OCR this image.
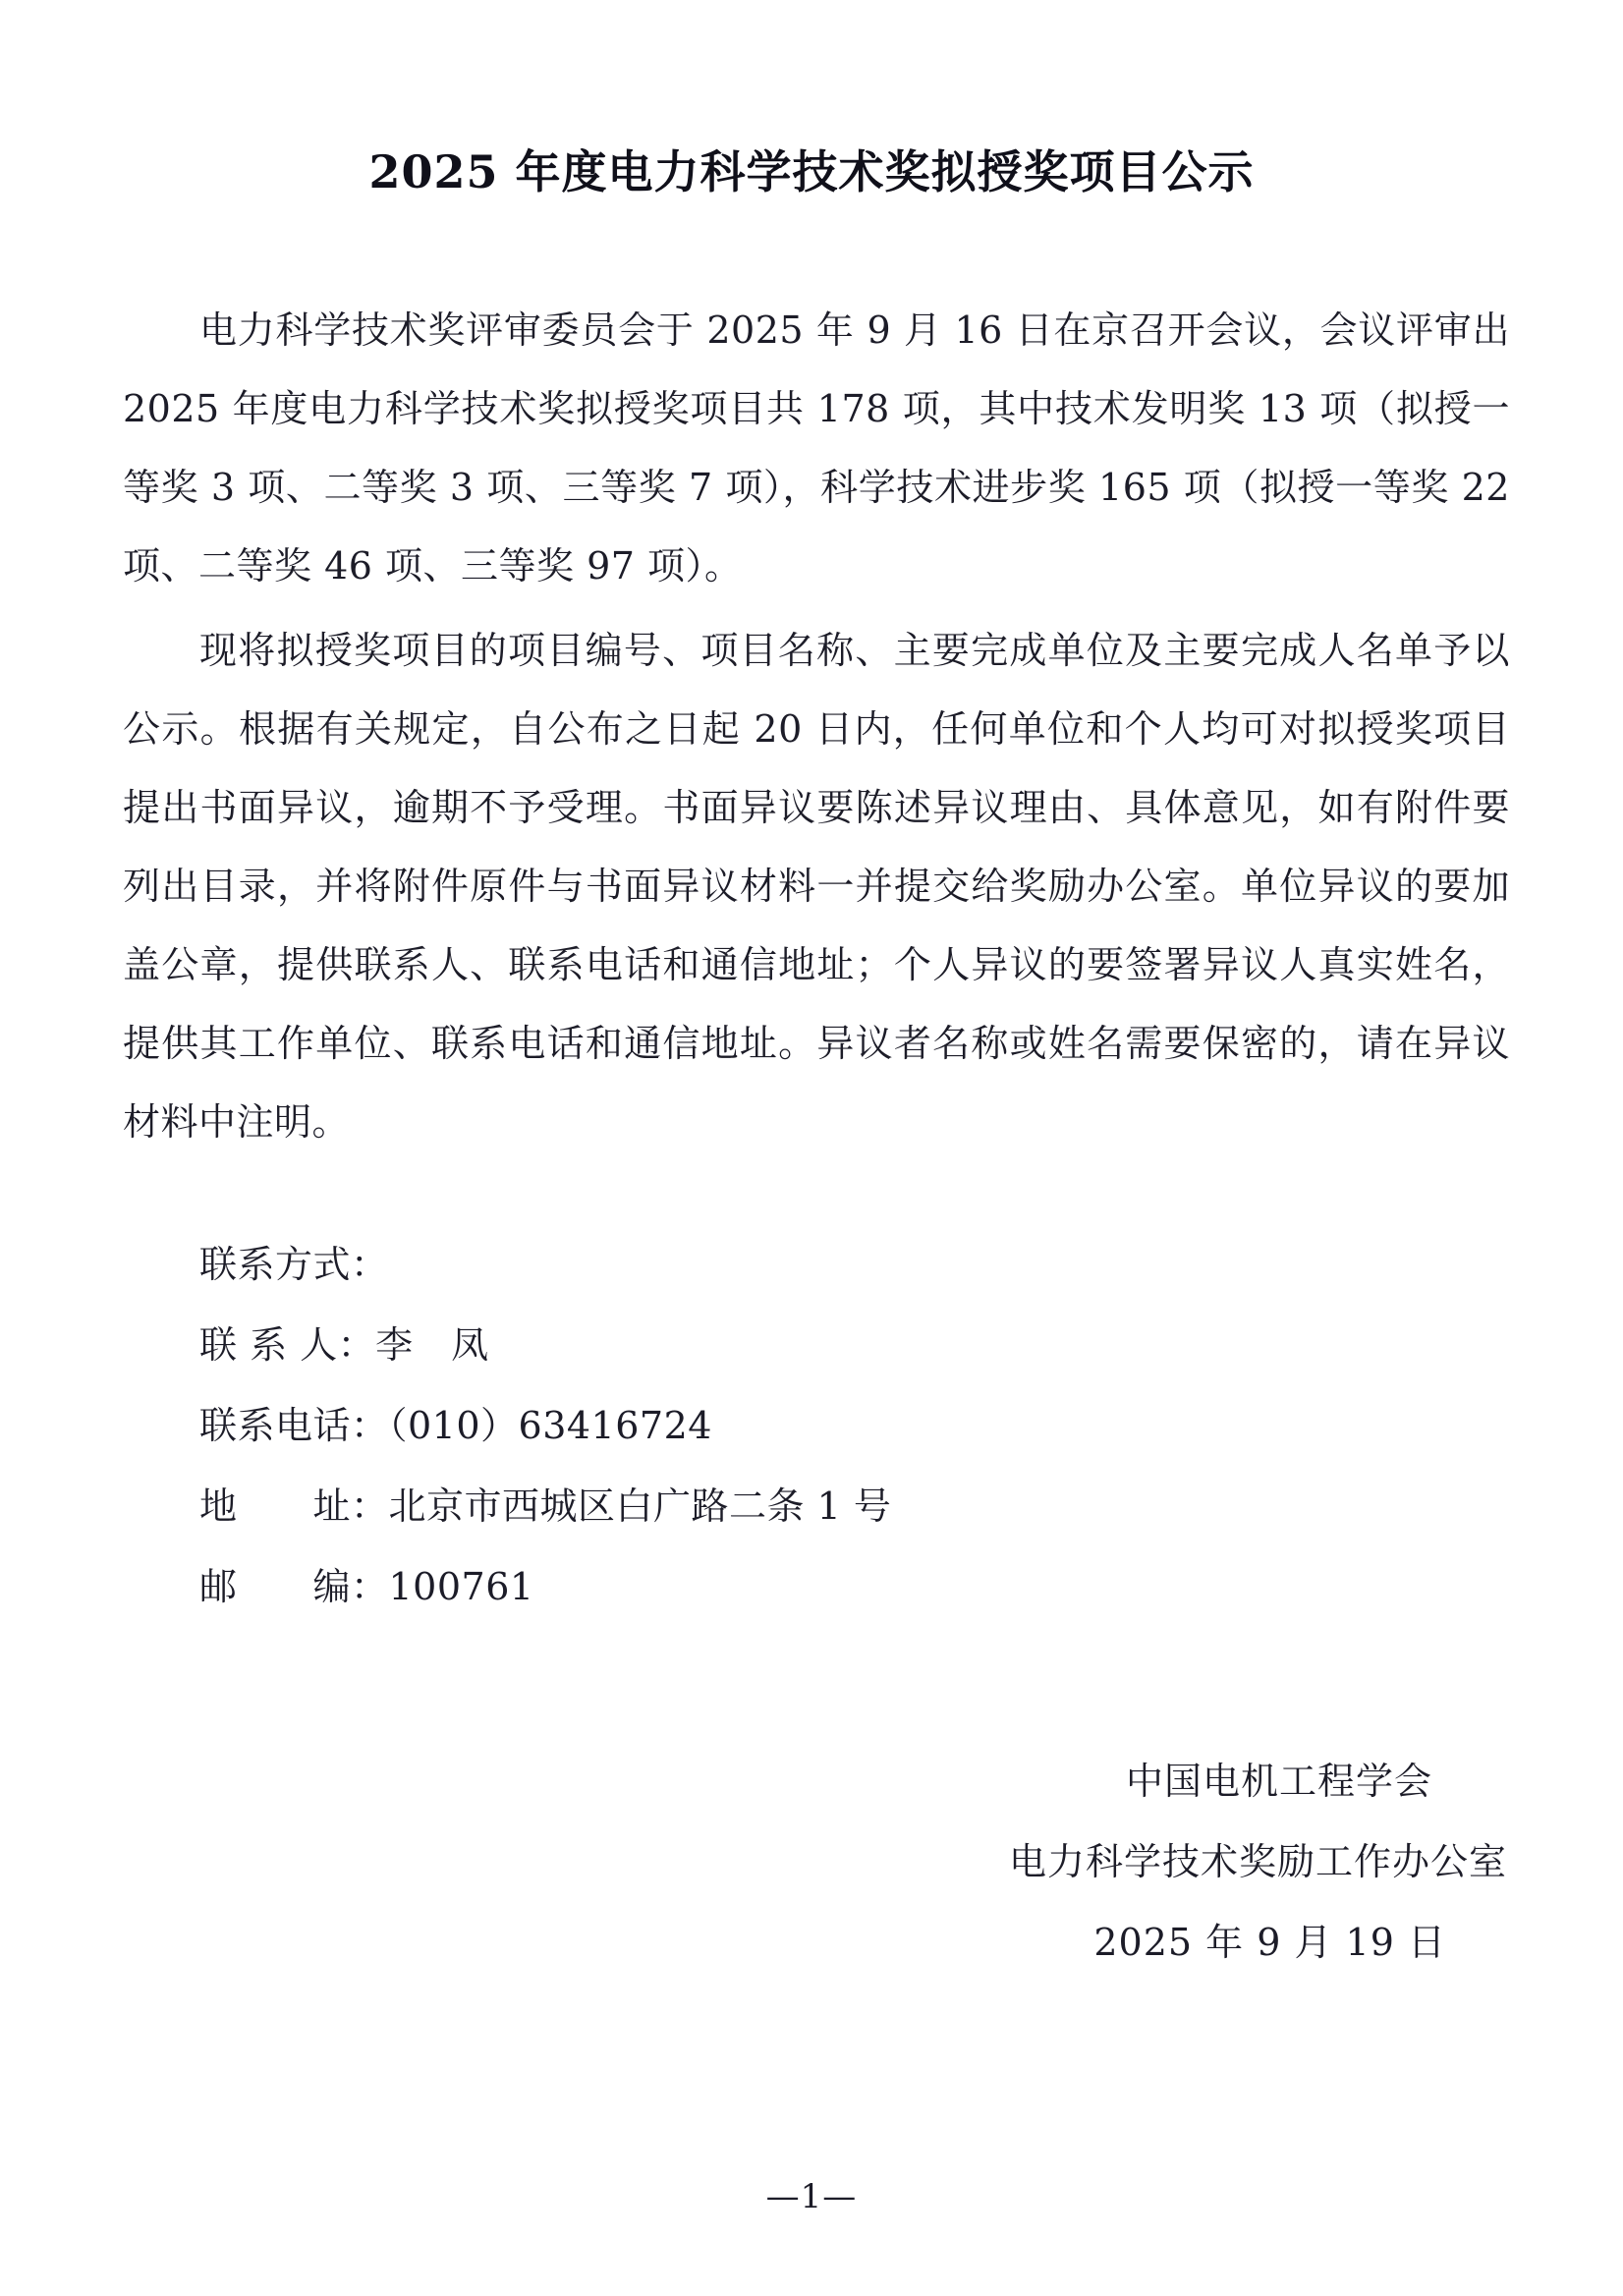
2025 年度电力科学技术奖拟授奖项目公示

电力科学技术奖评审委员会于 2025 年 9 月 16 日在京召开会议，会议评审出 2025 年度电力科学技术奖拟授奖项目共 178 项，其中技术发明奖 13 项（拟授一等奖 3 项、二等奖 3 项、三等奖 7 项），科学技术进步奖 165 项（拟授一等奖 22 项、二等奖 46 项、三等奖 97 项）。

现将拟授奖项目的项目编号、项目名称、主要完成单位及主要完成人名单予以公示。根据有关规定，自公布之日起 20 日内，任何单位和个人均可对拟授奖项目提出书面异议，逾期不予受理。书面异议要陈述异议理由、具体意见，如有附件要列出目录，并将附件原件与书面异议材料一并提交给奖励办公室。单位异议的要加盖公章，提供联系人、联系电话和通信地址；个人异议的要签署异议人真实姓名，提供其工作单位、联系电话和通信地址。异议者名称或姓名需要保密的，请在异议材料中注明。

联系方式：
联 系 人：李　凤
联系电话：（010）63416724
地　　址：北京市西城区白广路二条 1 号
邮　　编：100761
中国电机工程学会
电力科学技术奖励工作办公室
2025 年 9 月 19 日
—1—
